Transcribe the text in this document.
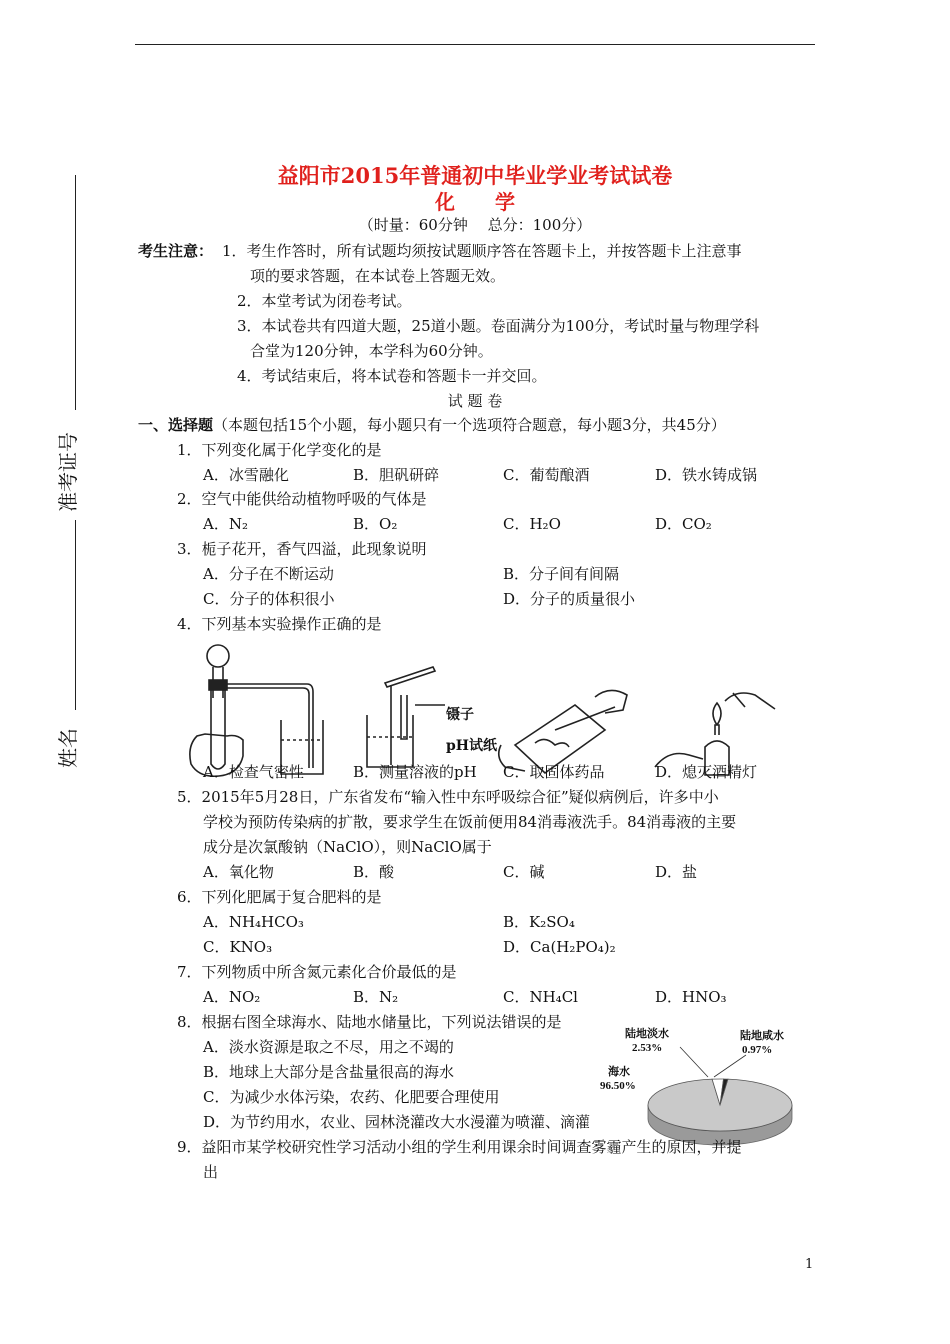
准考证号
姓名
益阳市2015年普通初中毕业学业考试试卷
化　　学
（时量：60分钟　 总分：100分）
考生注意： 1．考生作答时，所有试题均须按试题顺序答在答题卡上，并按答题卡上注意事
项的要求答题，在本试卷上答题无效。
2．本堂考试为闭卷考试。
3．本试卷共有四道大题，25道小题。卷面满分为100分，考试时量与物理学科
合堂为120分钟，本学科为60分钟。
4．考试结束后，将本试卷和答题卡一并交回。
试 题 卷
一、选择题（本题包括15个小题，每小题只有一个选项符合题意，每小题3分，共45分）
1．下列变化属于化学变化的是
A．冰雪融化	B．胆矾研碎	C．葡萄酿酒	D．铁水铸成锅
2．空气中能供给动植物呼吸的气体是
A．N₂	B．O₂	C．H₂O	D．CO₂
3．栀子花开，香气四溢，此现象说明
A．分子在不断运动	B．分子间有间隔
C．分子的体积很小	D．分子的质量很小
4．下列基本实验操作正确的是
镊子
pH试纸
A．检查气密性	B．测量溶液的pH C．取固体药品	D．熄灭酒精灯
5．2015年5月28日，广东省发布“输入性中东呼吸综合征”疑似病例后，许多中小
学校为预防传染病的扩散，要求学生在饭前便用84消毒液洗手。84消毒液的主要
成分是次氯酸钠（NaClO），则NaClO属于
A．氧化物	B．酸	C．碱	D．盐
6．下列化肥属于复合肥料的是
A．NH₄HCO₃	B．K₂SO₄
C．KNO₃	D．Ca(H₂PO₄)₂
7．下列物质中所含氮元素化合价最低的是
A．NO₂	B．N₂	C．NH₄Cl	D．HNO₃
8．根据右图全球海水、陆地水储量比，下列说法错误的是
A．淡水资源是取之不尽，用之不竭的
B．地球上大部分是含盐量很高的海水
C．为减少水体污染，农药、化肥要合理使用
D．为节约用水，农业、园林浇灌改大水漫灌为喷灌、滴灌
陆地淡水
2.53%
陆地咸水
0.97%
海水
96.50%
9．益阳市某学校研究性学习活动小组的学生利用课余时间调查雾霾产生的原因，并提
出
1
